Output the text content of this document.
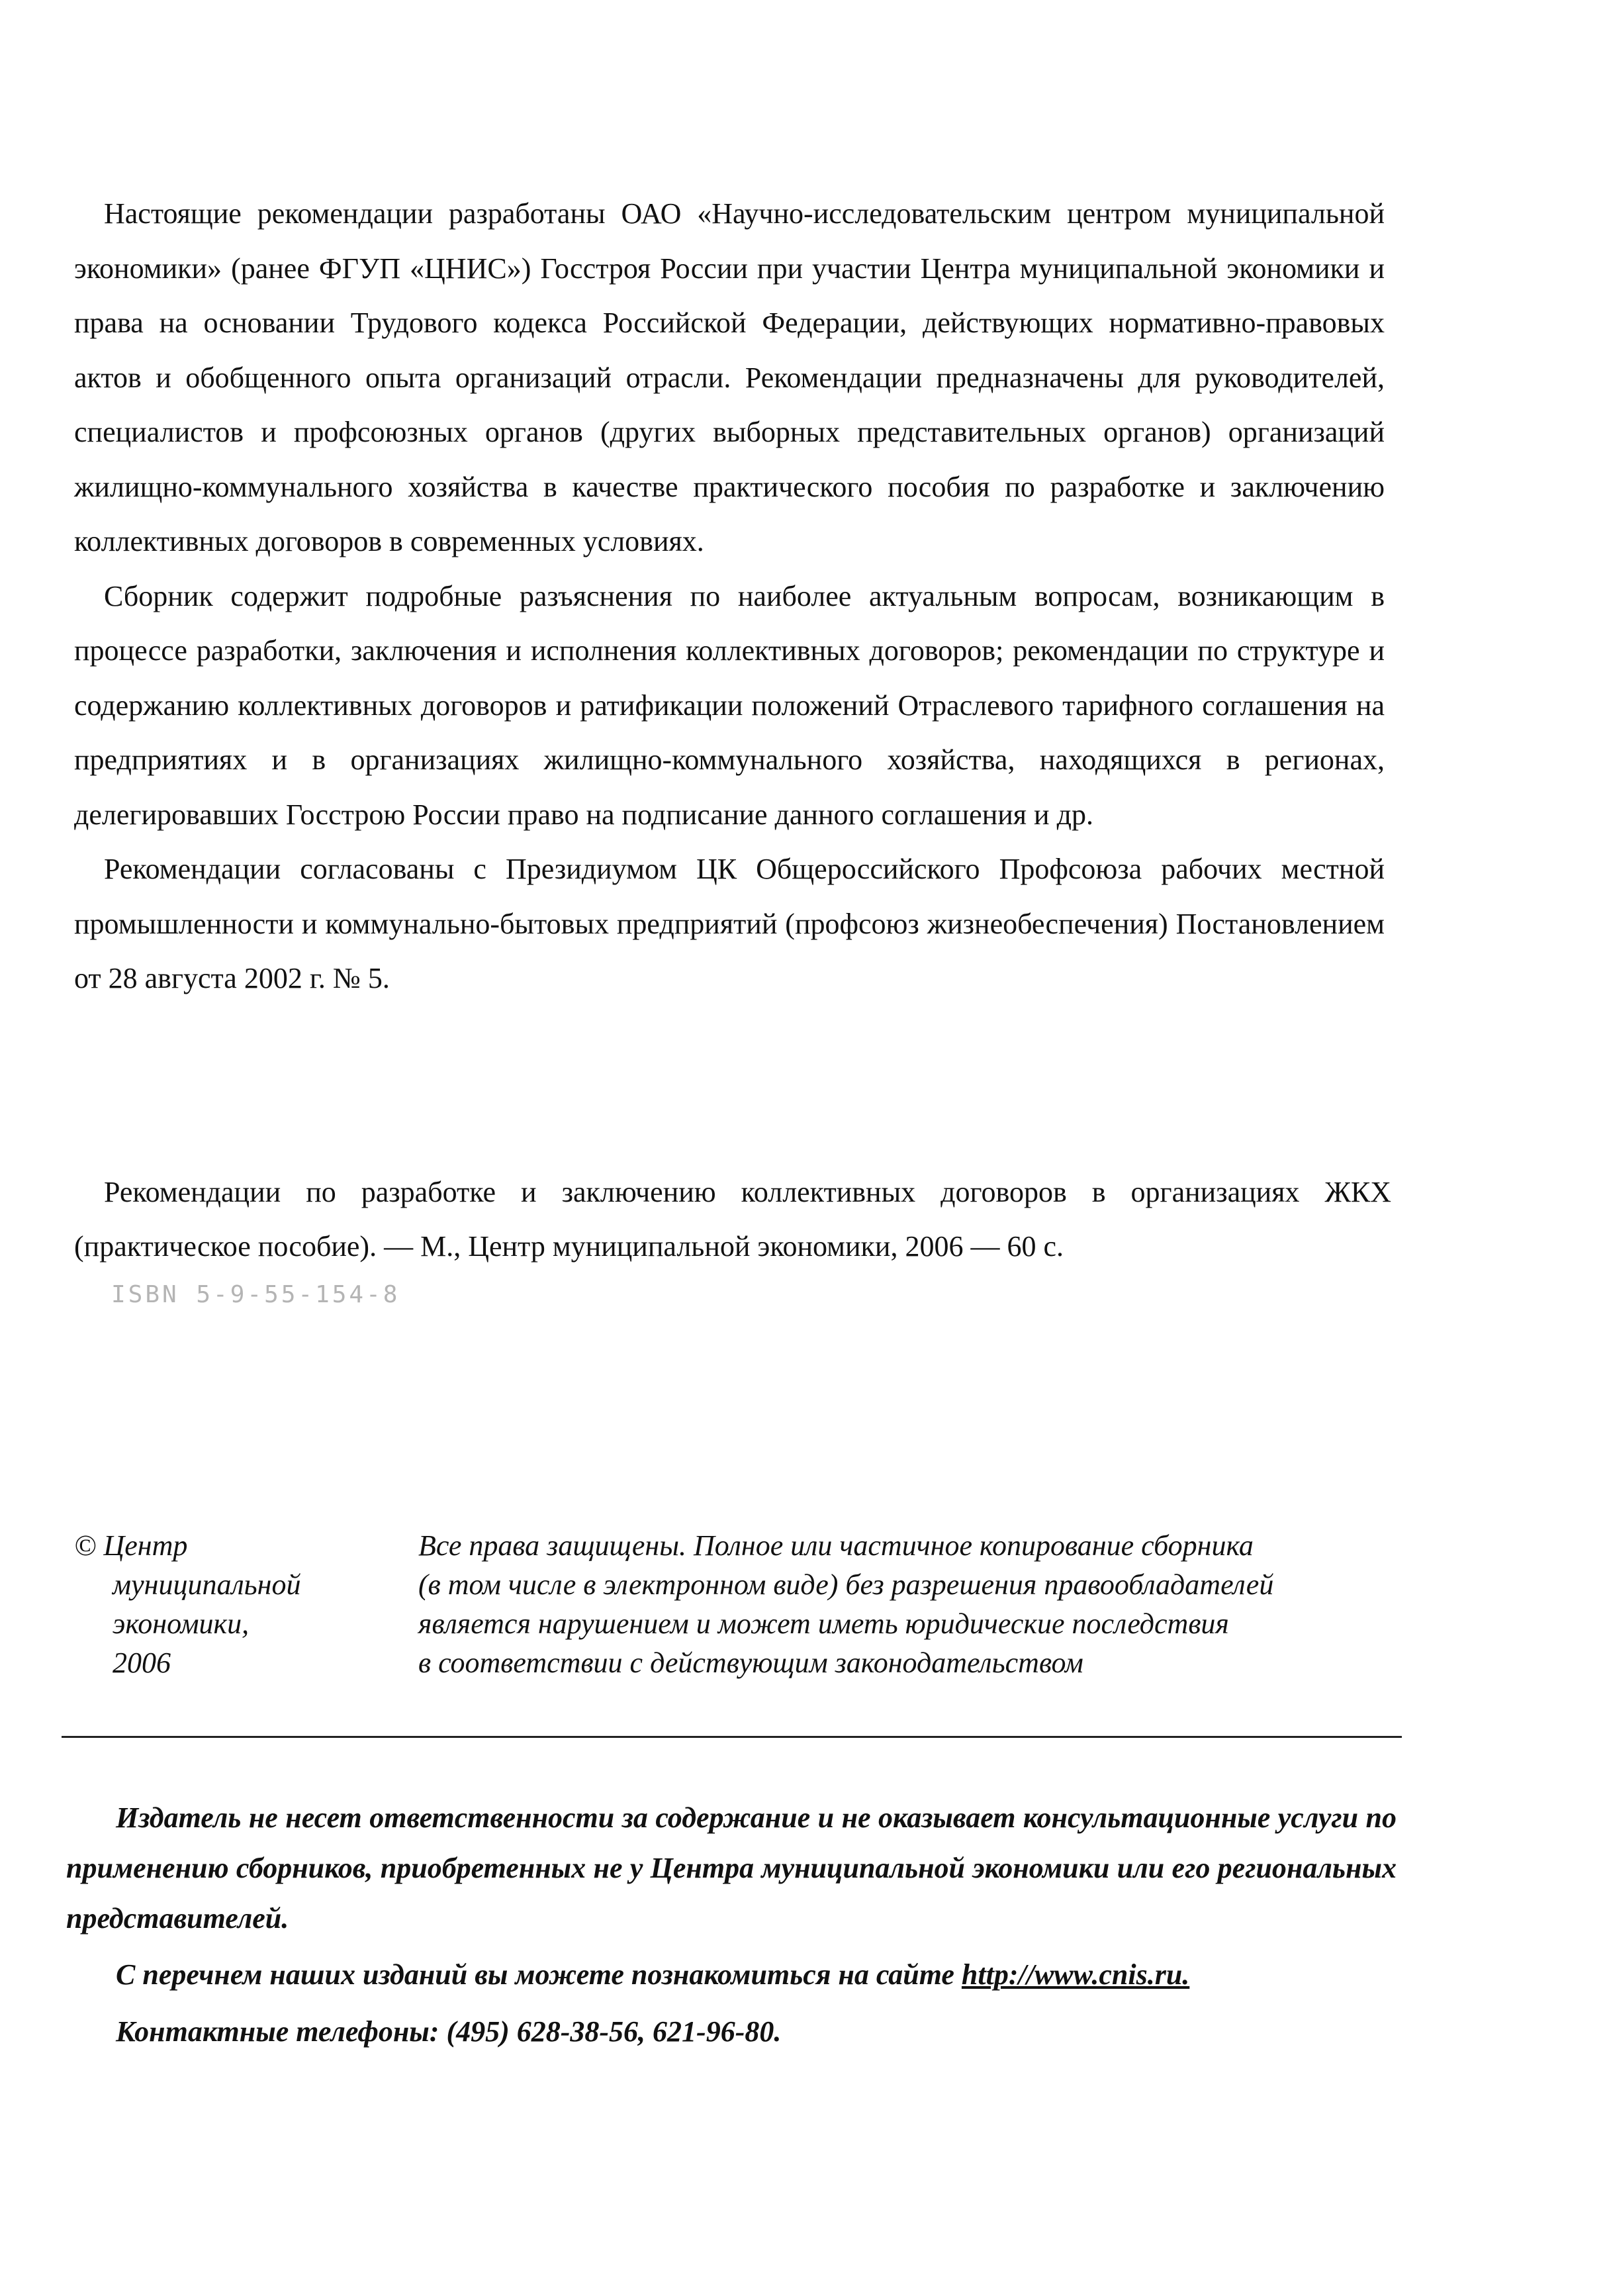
Настоящие рекомендации разработаны ОАО «Научно-исследовательским центром муниципальной экономики» (ранее ФГУП «ЦНИС») Госстроя России при участии Центра муниципальной экономики и права на основании Трудового кодекса Российской Федерации, действующих нормативно-правовых актов и обобщенного опыта организаций отрасли. Рекомендации предназначены для руководителей, специалистов и профсоюзных органов (других выборных представительных органов) организаций жилищно-коммунального хозяйства в качестве практического пособия по разработке и заключению коллективных договоров в современных условиях.

Сборник содержит подробные разъяснения по наиболее актуальным вопросам, возникающим в процессе разработки, заключения и исполнения коллективных договоров; рекомендации по структуре и содержанию коллективных договоров и ратификации положений Отраслевого тарифного соглашения на предприятиях и в организациях жилищно-коммунального хозяйства, находящихся в регионах, делегировавших Госстрою России право на подписание данного соглашения и др.

Рекомендации согласованы с Президиумом ЦК Общероссийского Профсоюза рабочих местной промышленности и коммунально-бытовых предприятий (профсоюз жизнеобеспечения) Постановлением от 28 августа 2002 г. № 5.

Рекомендации по разработке и заключению коллективных договоров в организациях ЖКХ (практическое пособие). — М., Центр муниципальной экономики, 2006 — 60 с.

ISBN 5-9-55-154-8
© Центр
муниципальной
экономики,
2006
Все права защищены. Полное или частичное копирование сборника
(в том числе в электронном виде) без разрешения правообладателей
является нарушением и может иметь юридические последствия
в соответствии с действующим законодательством

Издатель не несет ответственности за содержание и не оказывает консультационные услуги по применению сборников, приобретенных не у Центра муниципальной экономики или его региональных представителей.

С перечнем наших изданий вы можете познакомиться на сайте http://www.cnis.ru.

Контактные телефоны: (495) 628-38-56, 621-96-80.
